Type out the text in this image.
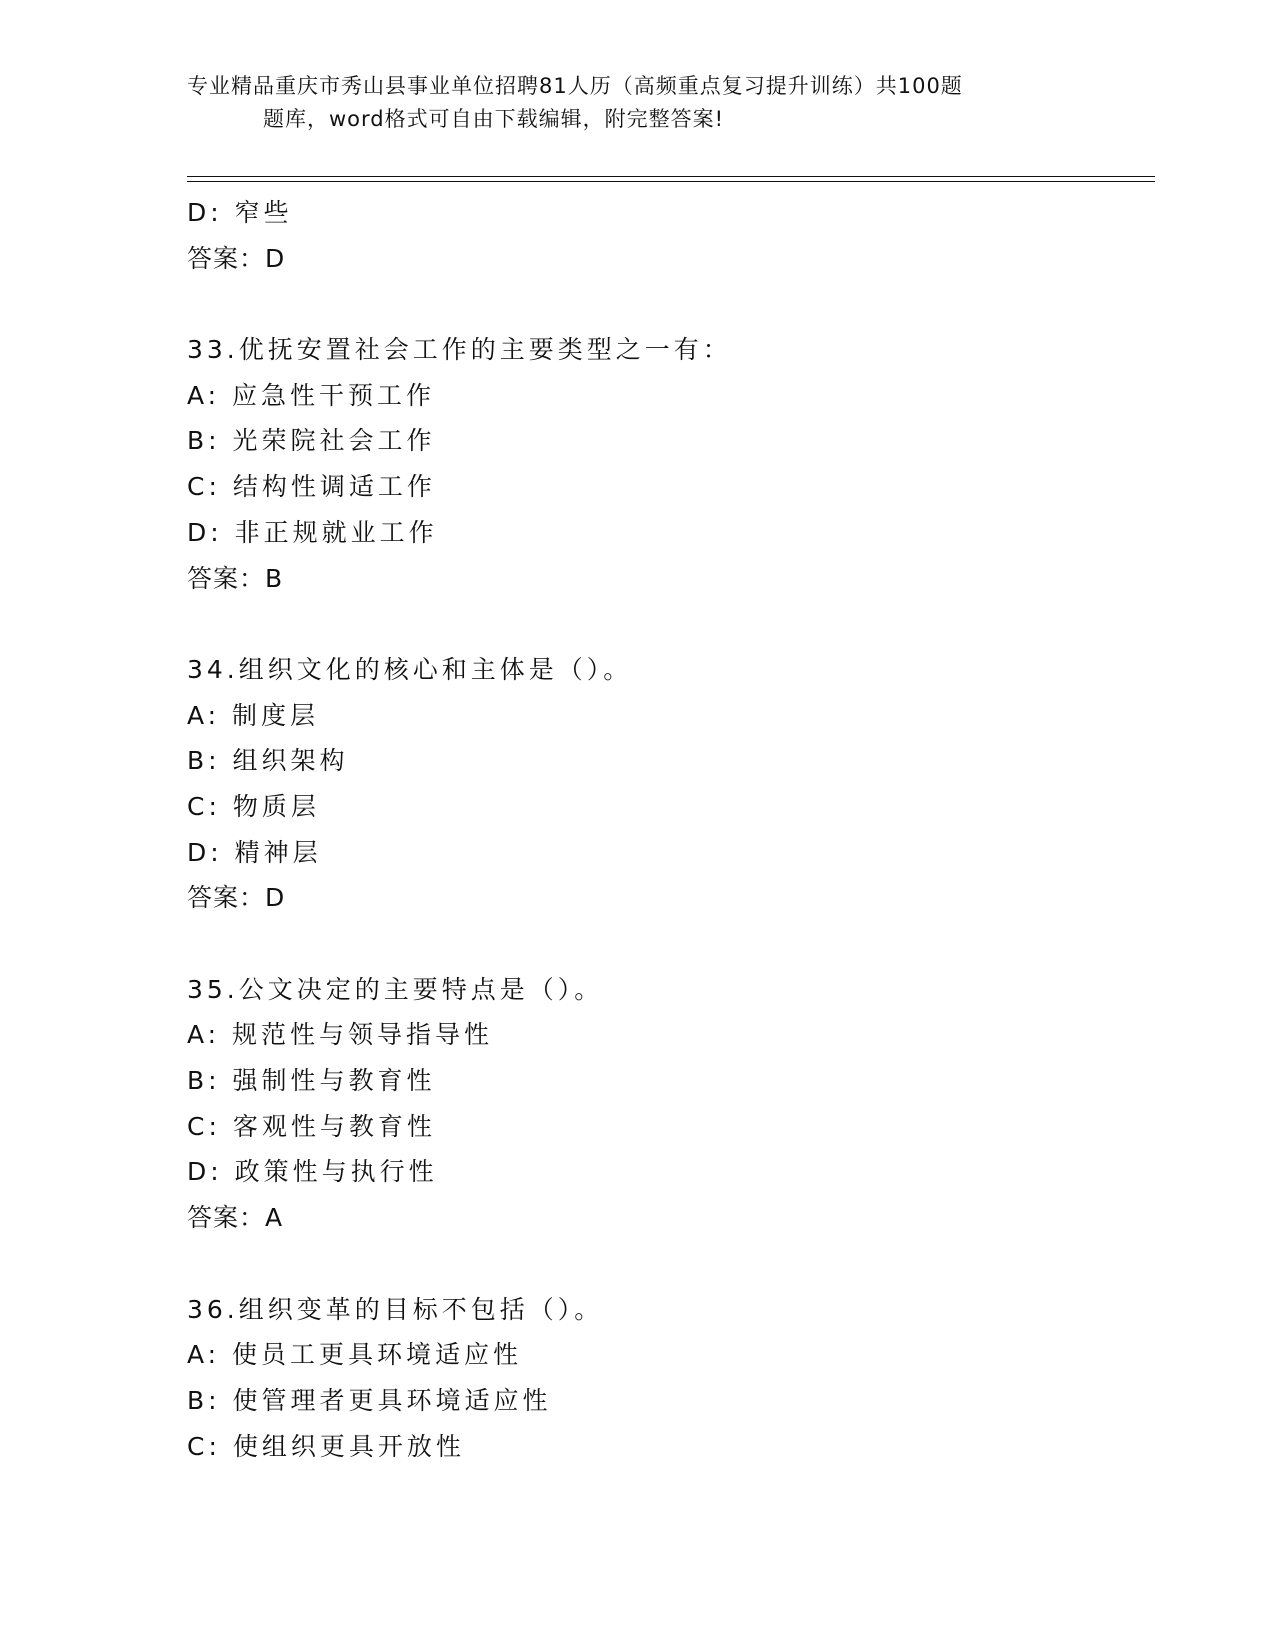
专业精品重庆市秀山县事业单位招聘81人历（高频重点复习提升训练）共100题
题库，word格式可自由下载编辑，附完整答案!
D: 窄些
答案：D
33.优抚安置社会工作的主要类型之一有：
A: 应急性干预工作
B: 光荣院社会工作
C: 结构性调适工作
D: 非正规就业工作
答案：B
34.组织文化的核心和主体是（）。
A: 制度层
B: 组织架构
C: 物质层
D: 精神层
答案：D
35.公文决定的主要特点是（）。
A: 规范性与领导指导性
B: 强制性与教育性
C: 客观性与教育性
D: 政策性与执行性
答案：A
36.组织变革的目标不包括（）。
A: 使员工更具环境适应性
B: 使管理者更具环境适应性
C: 使组织更具开放性
